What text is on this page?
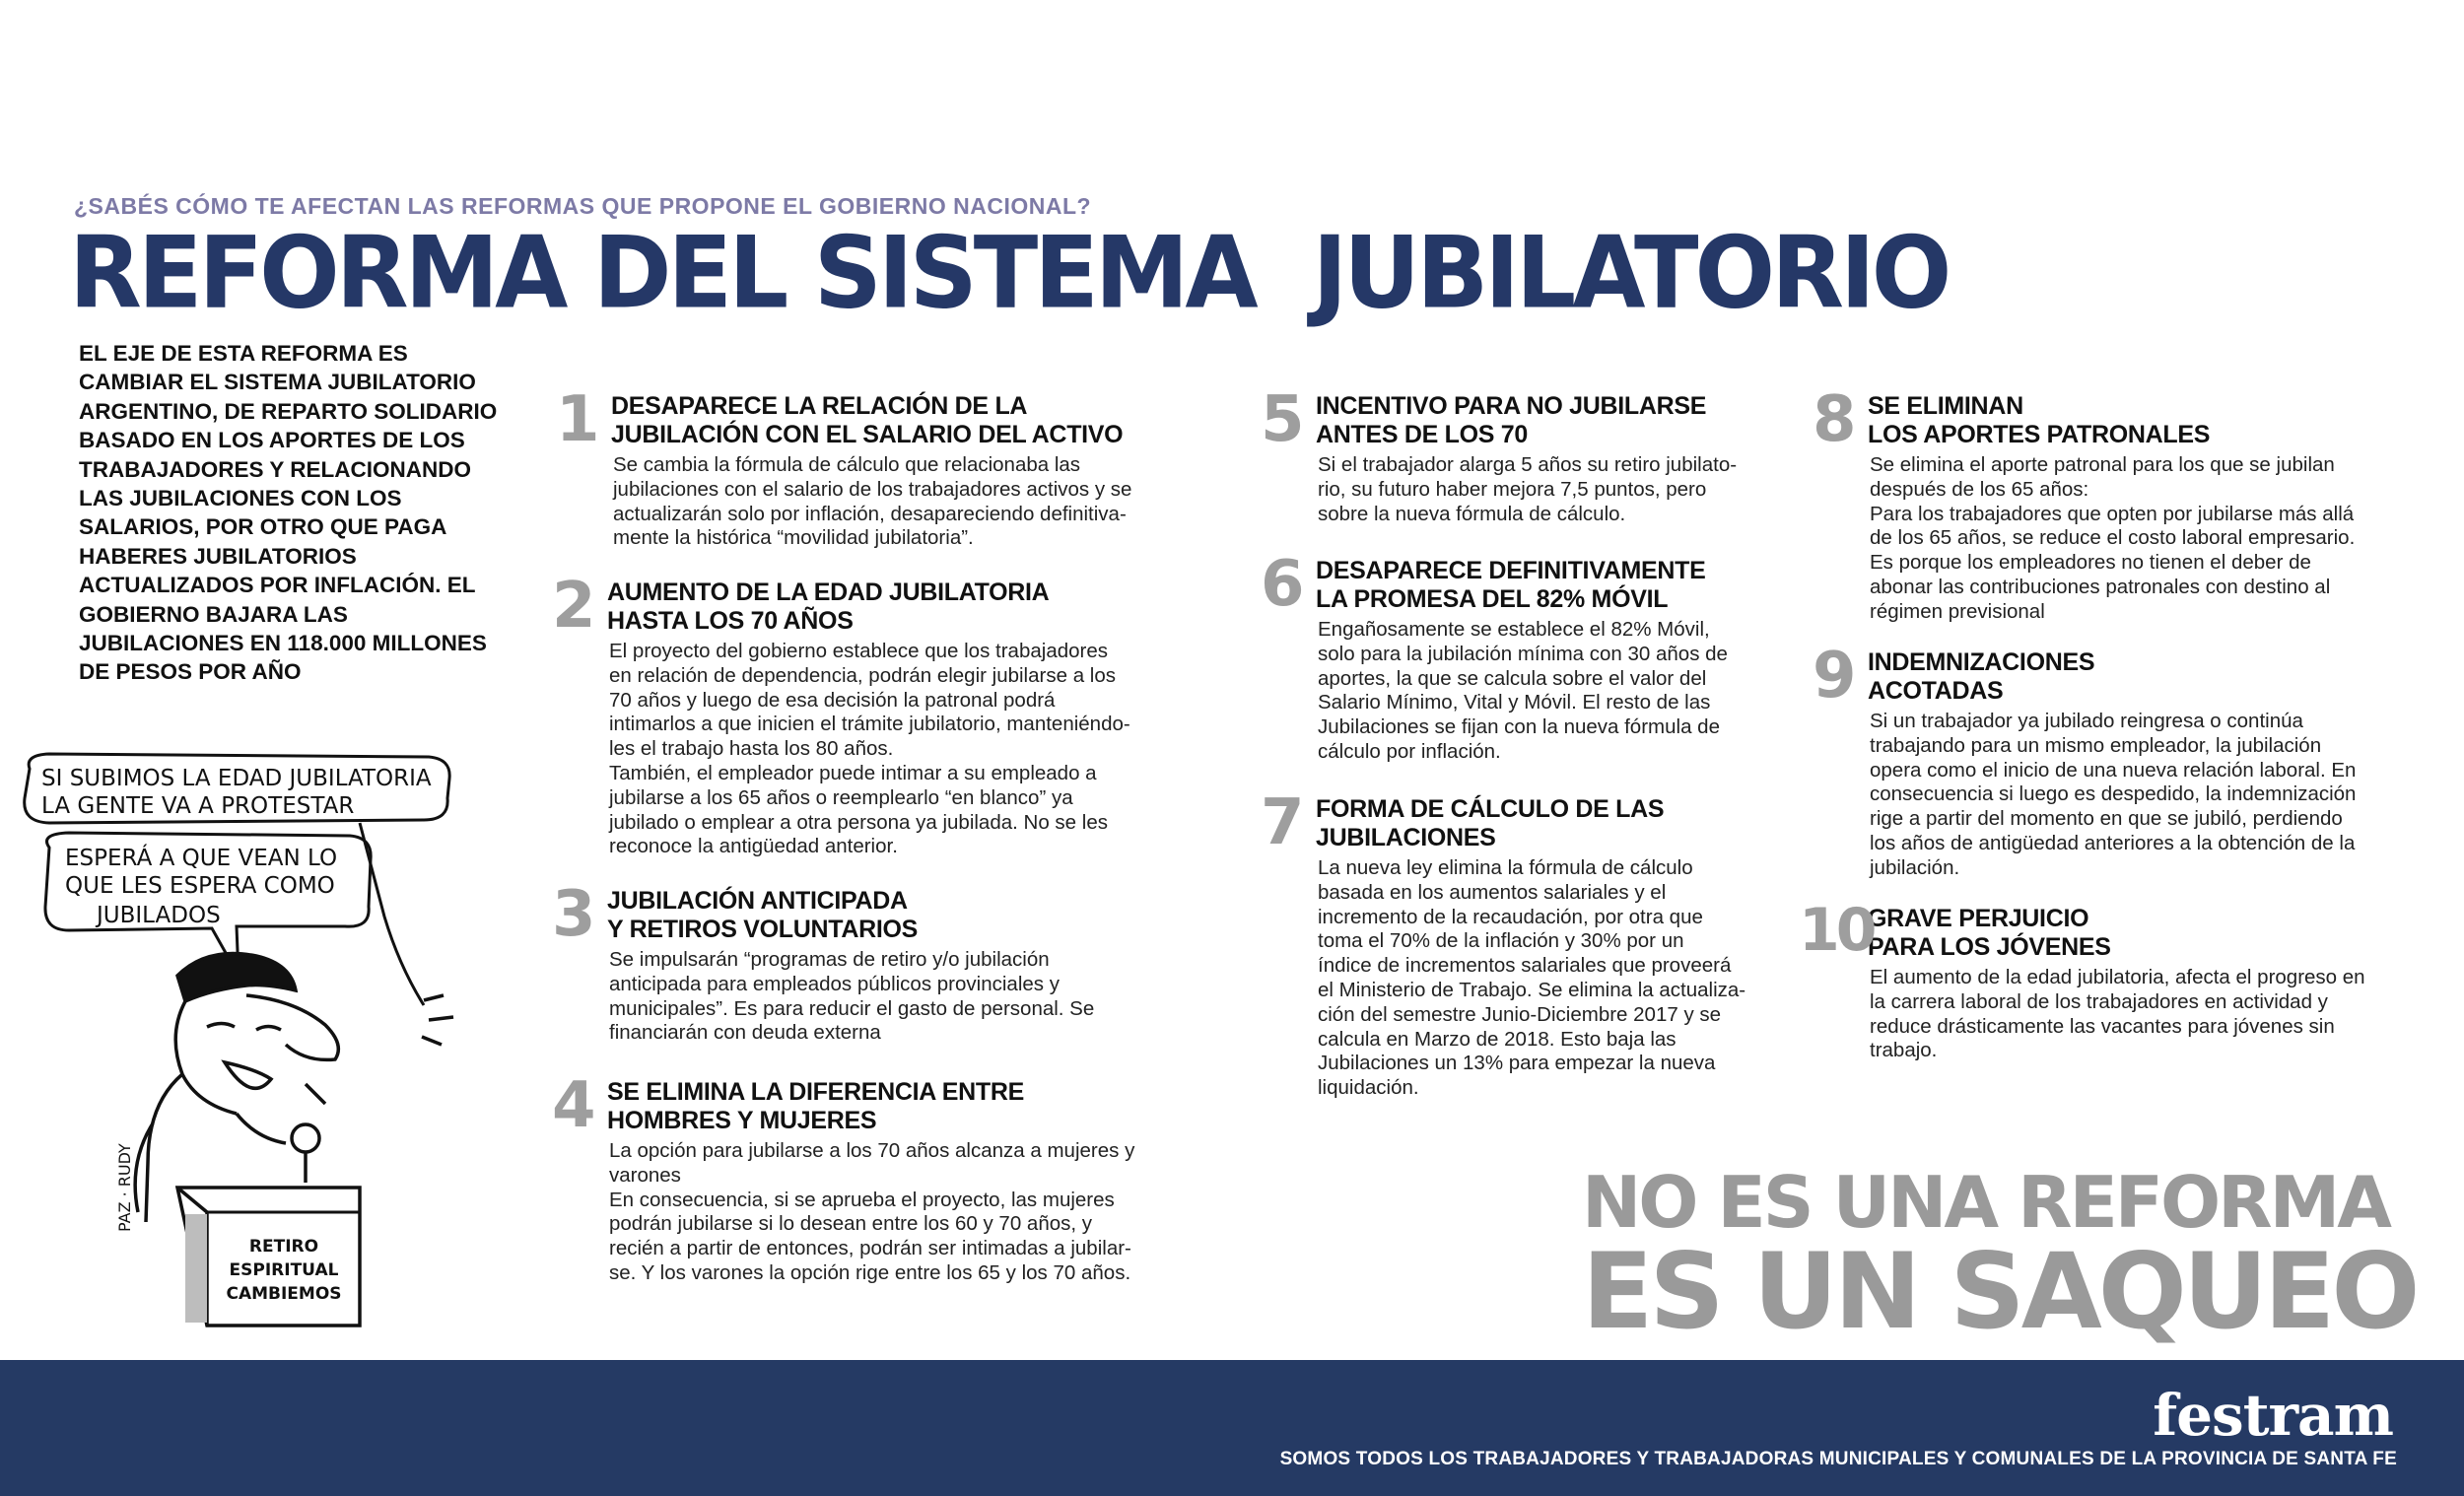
¿SABÉS CÓMO TE AFECTAN LAS REFORMAS QUE PROPONE EL GOBIERNO NACIONAL?
REFORMA DEL SISTEMA  JUBILATORIO

EL EJE DE ESTA REFORMA ES CAMBIAR EL SISTEMA JUBILATORIO ARGENTINO, DE REPARTO SOLIDARIO BASADO EN LOS APORTES DE LOS TRABAJADORES Y RELACIONANDO LAS JUBILACIONES CON LOS SALARIOS, POR OTRO QUE PAGA HABERES JUBILATORIOS ACTUALIZADOS POR INFLACIÓN. EL GOBIERNO BAJARA LAS JUBILACIONES EN 118.000 MILLONES DE PESOS POR AÑO

SI SUBIMOS LA EDAD JUBILATORIA
LA GENTE VA A PROTESTAR
ESPERÁ A QUE VEAN LO
QUE LES ESPERA COMO
JUBILADOS
RETIRO
ESPIRITUAL
CAMBIEMOS
PAZ · RUDY
1 DESAPARECE LA RELACIÓN DE LA
JUBILACIÓN CON EL SALARIO DEL ACTIVO

Se cambia la fórmula de cálculo que relacionaba las
jubilaciones con el salario de los trabajadores activos y se
actualizarán solo por inflación, desapareciendo definitiva-
mente la histórica “movilidad jubilatoria”.

2 AUMENTO DE LA EDAD JUBILATORIA
HASTA LOS 70 AÑOS

El proyecto del gobierno establece que los trabajadores
en relación de dependencia, podrán elegir jubilarse a los
70 años y luego de esa decisión la patronal podrá
intimarlos a que inicien el trámite jubilatorio, manteniéndo-
les el trabajo hasta los 80 años.
También, el empleador puede intimar a su empleado a
jubilarse a los 65 años o reemplearlo “en blanco” ya
jubilado o emplear a otra persona ya jubilada. No se les
reconoce la antigüedad anterior.

3 JUBILACIÓN ANTICIPADA
Y RETIROS VOLUNTARIOS

Se impulsarán “programas de retiro y/o jubilación
anticipada para empleados públicos provinciales y
municipales”. Es para reducir el gasto de personal. Se
financiarán con deuda externa

4 SE ELIMINA LA DIFERENCIA ENTRE
HOMBRES Y MUJERES

La opción para jubilarse a los 70 años alcanza a mujeres y
varones
En consecuencia, si se aprueba el proyecto, las mujeres
podrán jubilarse si lo desean entre los 60 y 70 años, y
recién a partir de entonces, podrán ser intimadas a jubilar-
se. Y los varones la opción rige entre los 65 y los 70 años.

5 INCENTIVO PARA NO JUBILARSE
ANTES DE LOS 70

Si el trabajador alarga 5 años su retiro jubilato-
rio, su futuro haber mejora 7,5 puntos, pero
sobre la nueva fórmula de cálculo.

6 DESAPARECE DEFINITIVAMENTE
LA PROMESA DEL 82% MÓVIL

Engañosamente se establece el 82% Móvil,
solo para la jubilación mínima con 30 años de
aportes, la que se calcula sobre el valor del
Salario Mínimo, Vital y Móvil. El resto de las
Jubilaciones se fijan con la nueva fórmula de
cálculo por inflación.

7 FORMA DE CÁLCULO DE LAS
JUBILACIONES

La nueva ley elimina la fórmula de cálculo
basada en los aumentos salariales y el
incremento de la recaudación, por otra que
toma el 70% de la inflación y 30% por un
índice de incrementos salariales que proveerá
el Ministerio de Trabajo. Se elimina la actualiza-
ción del semestre Junio-Diciembre 2017 y se
calcula en Marzo de 2018. Esto baja las
Jubilaciones un 13% para empezar la nueva
liquidación.

8 SE ELIMINAN
LOS APORTES PATRONALES

Se elimina el aporte patronal para los que se jubilan
después de los 65 años:
Para los trabajadores que opten por jubilarse más allá
de los 65 años, se reduce el costo laboral empresario.
Es porque los empleadores no tienen el deber de
abonar las contribuciones patronales con destino al
régimen previsional

9 INDEMNIZACIONES
ACOTADAS

Si un trabajador ya jubilado reingresa o continúa
trabajando para un mismo empleador, la jubilación
opera como el inicio de una nueva relación laboral. En
consecuencia si luego es despedido, la indemnización
rige a partir del momento en que se jubiló, perdiendo
los años de antigüedad anteriores a la obtención de la
jubilación.

10
GRAVE PERJUICIO
PARA LOS JÓVENES

El aumento de la edad jubilatoria, afecta el progreso en
la carrera laboral de los trabajadores en actividad y
reduce drásticamente las vacantes para jóvenes sin
trabajo.

NO ES UNA REFORMA
ES UN SAQUEO
festram
SOMOS TODOS LOS TRABAJADORES Y TRABAJADORAS MUNICIPALES Y COMUNALES DE LA PROVINCIA DE SANTA FE
